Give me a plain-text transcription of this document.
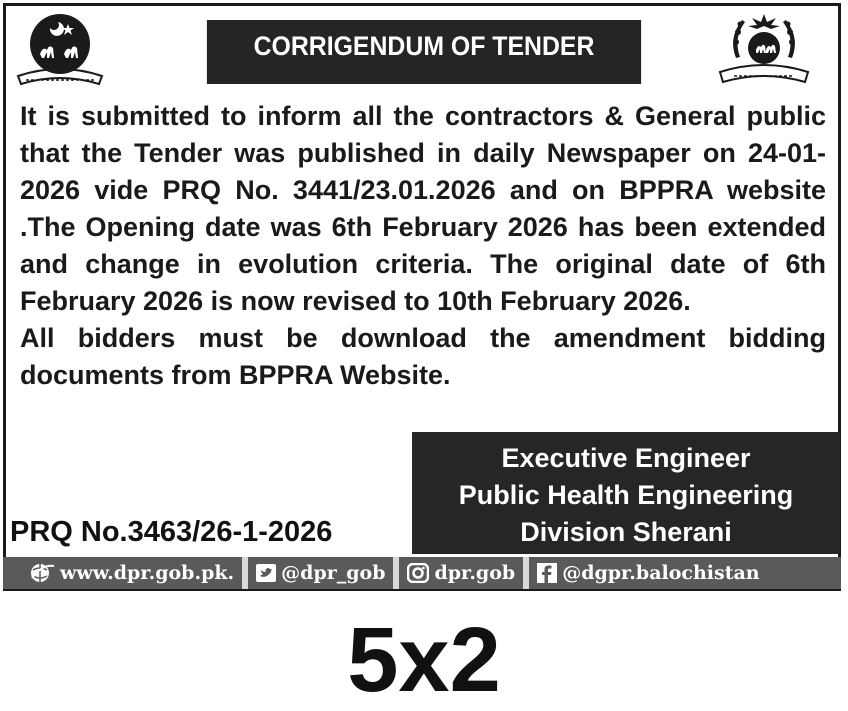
CORRIGENDUM OF TENDER

It is submitted to inform all the contractors & General public that the Tender was published in daily Newspaper on 24-01-2026 vide PRQ No. 3441/23.01.2026 and on BPPRA website .The Opening date was 6th February 2026 has been extended and change in evolution criteria. The original date of 6th February 2026 is now revised to 10th February 2026.

All bidders must be download the amendment bidding documents from BPPRA Website.

Executive Engineer
Public Health Engineering
Division Sherani
PRQ No.3463/26-1-2026
www.dpr.gob.pk. @dpr_gob	dpr.gob @dgpr.balochistan
5x2
